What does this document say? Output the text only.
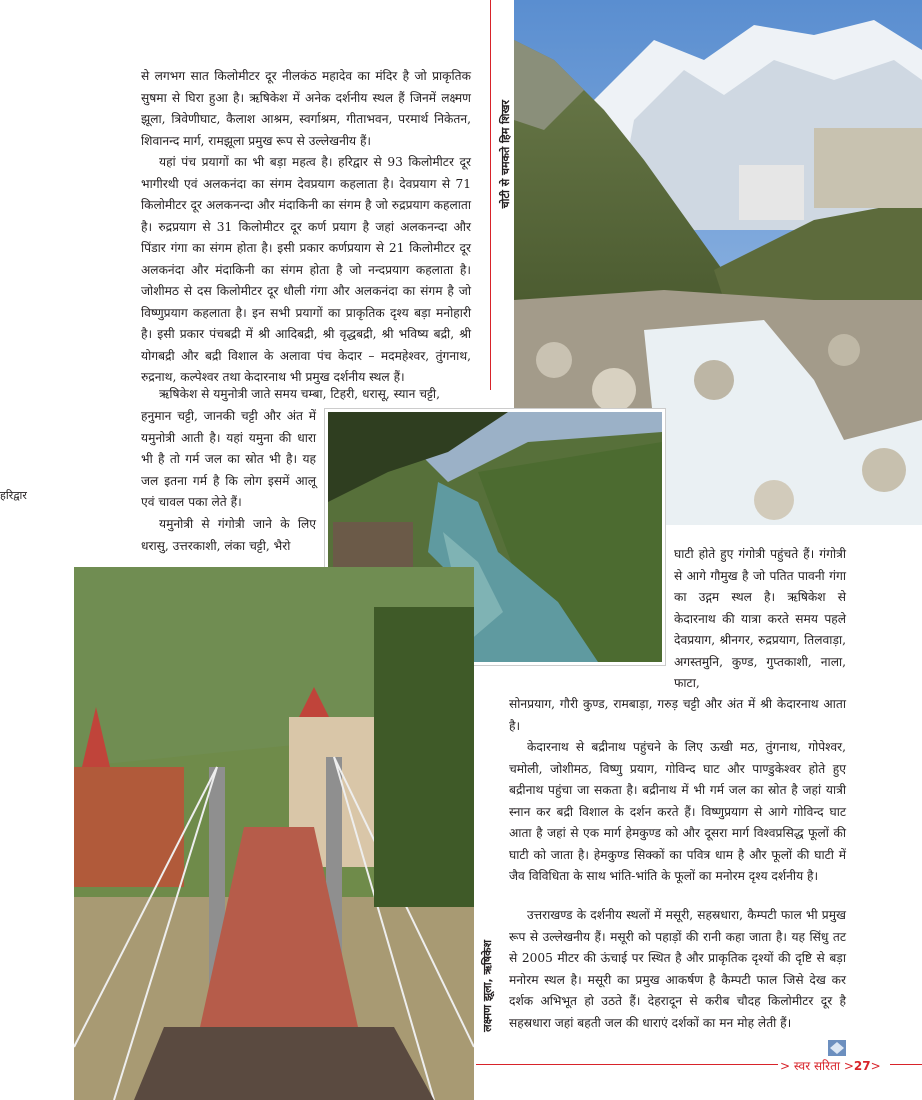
से लगभग सात किलोमीटर दूर नीलकंठ महादेव का मंदिर है जो प्राकृतिक सुषमा से घिरा हुआ है। ऋषिकेश में अनेक दर्शनीय स्थल हैं जिनमें लक्ष्मण झूला, त्रिवेणीघाट, कैलाश आश्रम, स्वर्गाश्रम, गीताभवन, परमार्थ निकेतन, शिवानन्द मार्ग, रामझूला प्रमुख रूप से उल्लेखनीय हैं।

यहां पंच प्रयागों का भी बड़ा महत्व है। हरिद्वार से 93 किलोमीटर दूर भागीरथी एवं अलकनंदा का संगम देवप्रयाग कहलाता है। देवप्रयाग से 71 किलोमीटर दूर अलकनन्दा और मंदाकिनी का संगम है जो रुद्रप्रयाग कहलाता है। रुद्रप्रयाग से 31 किलोमीटर दूर कर्ण प्रयाग है जहां अलकनन्दा और पिंडार गंगा का संगम होता है। इसी प्रकार कर्णप्रयाग से 21 किलोमीटर दूर अलकनंदा और मंदाकिनी का संगम होता है जो नन्दप्रयाग कहलाता है। जोशीमठ से दस किलोमीटर दूर धौली गंगा और अलकनंदा का संगम है जो विष्णुप्रयाग कहलाता है। इन सभी प्रयागों का प्राकृतिक दृश्य बड़ा मनोहारी है। इसी प्रकार पंचबद्री में श्री आदिबद्री, श्री वृद्धबद्री, श्री भविष्य बद्री, श्री योगबद्री और बद्री विशाल के अलावा पंच केदार – मदमहेश्वर, तुंगनाथ, रुद्रनाथ, कल्पेश्वर तथा केदारनाथ भी प्रमुख दर्शनीय स्थल हैं।

ऋषिकेश से यमुनोत्री जाते समय चम्बा, टिहरी, धरासू, स्यान चट्टी,

हनुमान चट्टी, जानकी चट्टी और अंत में यमुनोत्री आती है। यहां यमुना की धारा भी है तो गर्म जल का स्रोत भी है। यह जल इतना गर्म है कि लोग इसमें आलू एवं चावल पका लेते हैं।

यमुनोत्री से गंगोत्री जाने के लिए धरासु, उत्तरकाशी, लंका चट्टी, भैरो

हरिद्वार
चोटी से चमकते हिम शिखर
लक्ष्मण झूला, ऋषिकेश

घाटी होते हुए गंगोत्री पहुंचते हैं। गंगोत्री से आगे गौमुख है जो पतित पावनी गंगा का उद्गम स्थल है। ऋषिकेश से केदारनाथ की यात्रा करते समय पहले देवप्रयाग, श्रीनगर, रुद्रप्रयाग, तिलवाड़ा, अगस्तमुनि, कुण्ड, गुप्तकाशी, नाला, फाटा,

सोनप्रयाग, गौरी कुण्ड, रामबाड़ा, गरुड़ चट्टी और अंत में श्री केदारनाथ आता है।

केदारनाथ से बद्रीनाथ पहुंचने के लिए ऊखी मठ, तुंगनाथ, गोपेश्वर, चमोली, जोशीमठ, विष्णु प्रयाग, गोविन्द घाट और पाण्डुकेश्वर होते हुए बद्रीनाथ पहुंचा जा सकता है। बद्रीनाथ में भी गर्म जल का स्रोत है जहां यात्री स्नान कर बद्री विशाल के दर्शन करते हैं। विष्णुप्रयाग से आगे गोविन्द घाट आता है जहां से एक मार्ग हेमकुण्ड को और दूसरा मार्ग विश्वप्रसिद्ध फूलों की घाटी को जाता है। हेमकुण्ड सिक्कों का पवित्र धाम है और फूलों की घाटी में जैव विविधिता के साथ भांति-भांति के फूलों का मनोरम दृश्य दर्शनीय है।

उत्तराखण्ड के दर्शनीय स्थलों में मसूरी, सहस्रधारा, कैम्पटी फाल भी प्रमुख रूप से उल्लेखनीय हैं। मसूरी को पहाड़ों की रानी कहा जाता है। यह सिंधु तट से 2005 मीटर की ऊंचाई पर स्थित है और प्राकृतिक दृश्यों की दृष्टि से बड़ा मनोरम स्थल है। मसूरी का प्रमुख आकर्षण है कैम्पटी फाल जिसे देख कर दर्शक अभिभूत हो उठते हैं। देहरादून से करीब चौदह किलोमीटर दूर है सहस्रधारा जहां बहती जल की धाराएं दर्शकों का मन मोह लेती हैं।

> स्वर सरिता >27>
